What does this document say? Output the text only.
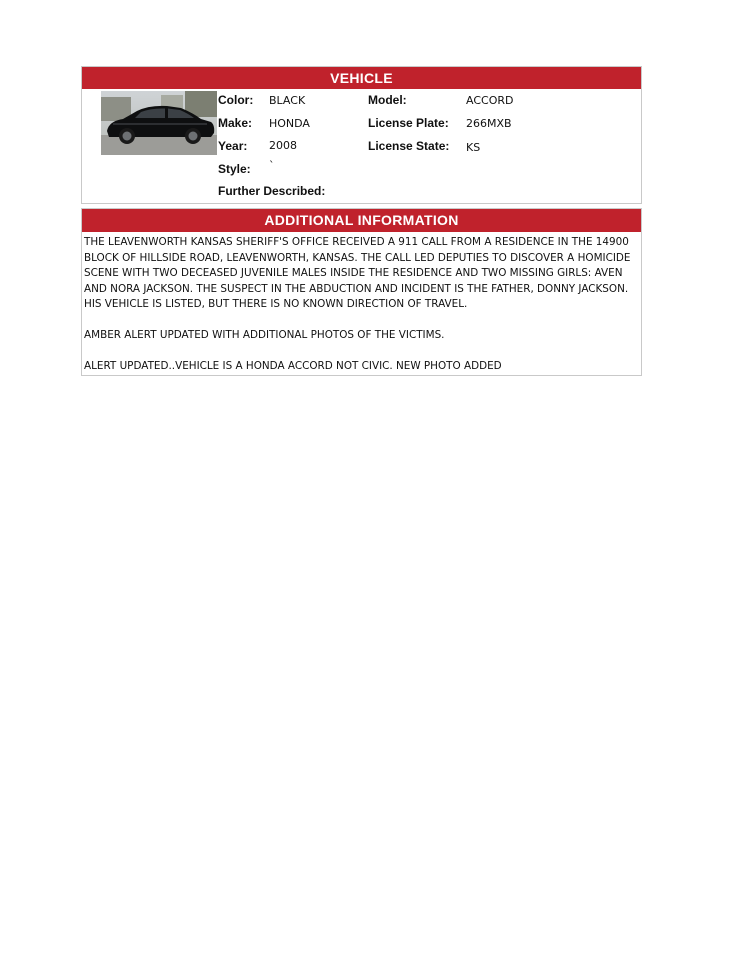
VEHICLE
Color:
Make:
Year:
Style:
Further Described:
BLACK
HONDA
2008
`
Model:
License Plate:
License State:
ACCORD
266MXB
KS
ADDITIONAL INFORMATION

THE LEAVENWORTH KANSAS SHERIFF'S OFFICE RECEIVED A 911 CALL FROM A RESIDENCE IN THE 14900 BLOCK OF HILLSIDE ROAD, LEAVENWORTH, KANSAS. THE CALL LED DEPUTIES TO DISCOVER A HOMICIDE SCENE WITH TWO DECEASED JUVENILE MALES INSIDE THE RESIDENCE AND TWO MISSING GIRLS: AVEN AND NORA JACKSON. THE SUSPECT IN THE ABDUCTION AND INCIDENT IS THE FATHER, DONNY JACKSON. HIS VEHICLE IS LISTED, BUT THERE IS NO KNOWN DIRECTION OF TRAVEL.

AMBER ALERT UPDATED WITH ADDITIONAL PHOTOS OF THE VICTIMS.

ALERT UPDATED..VEHICLE IS A HONDA ACCORD NOT CIVIC. NEW PHOTO ADDED
